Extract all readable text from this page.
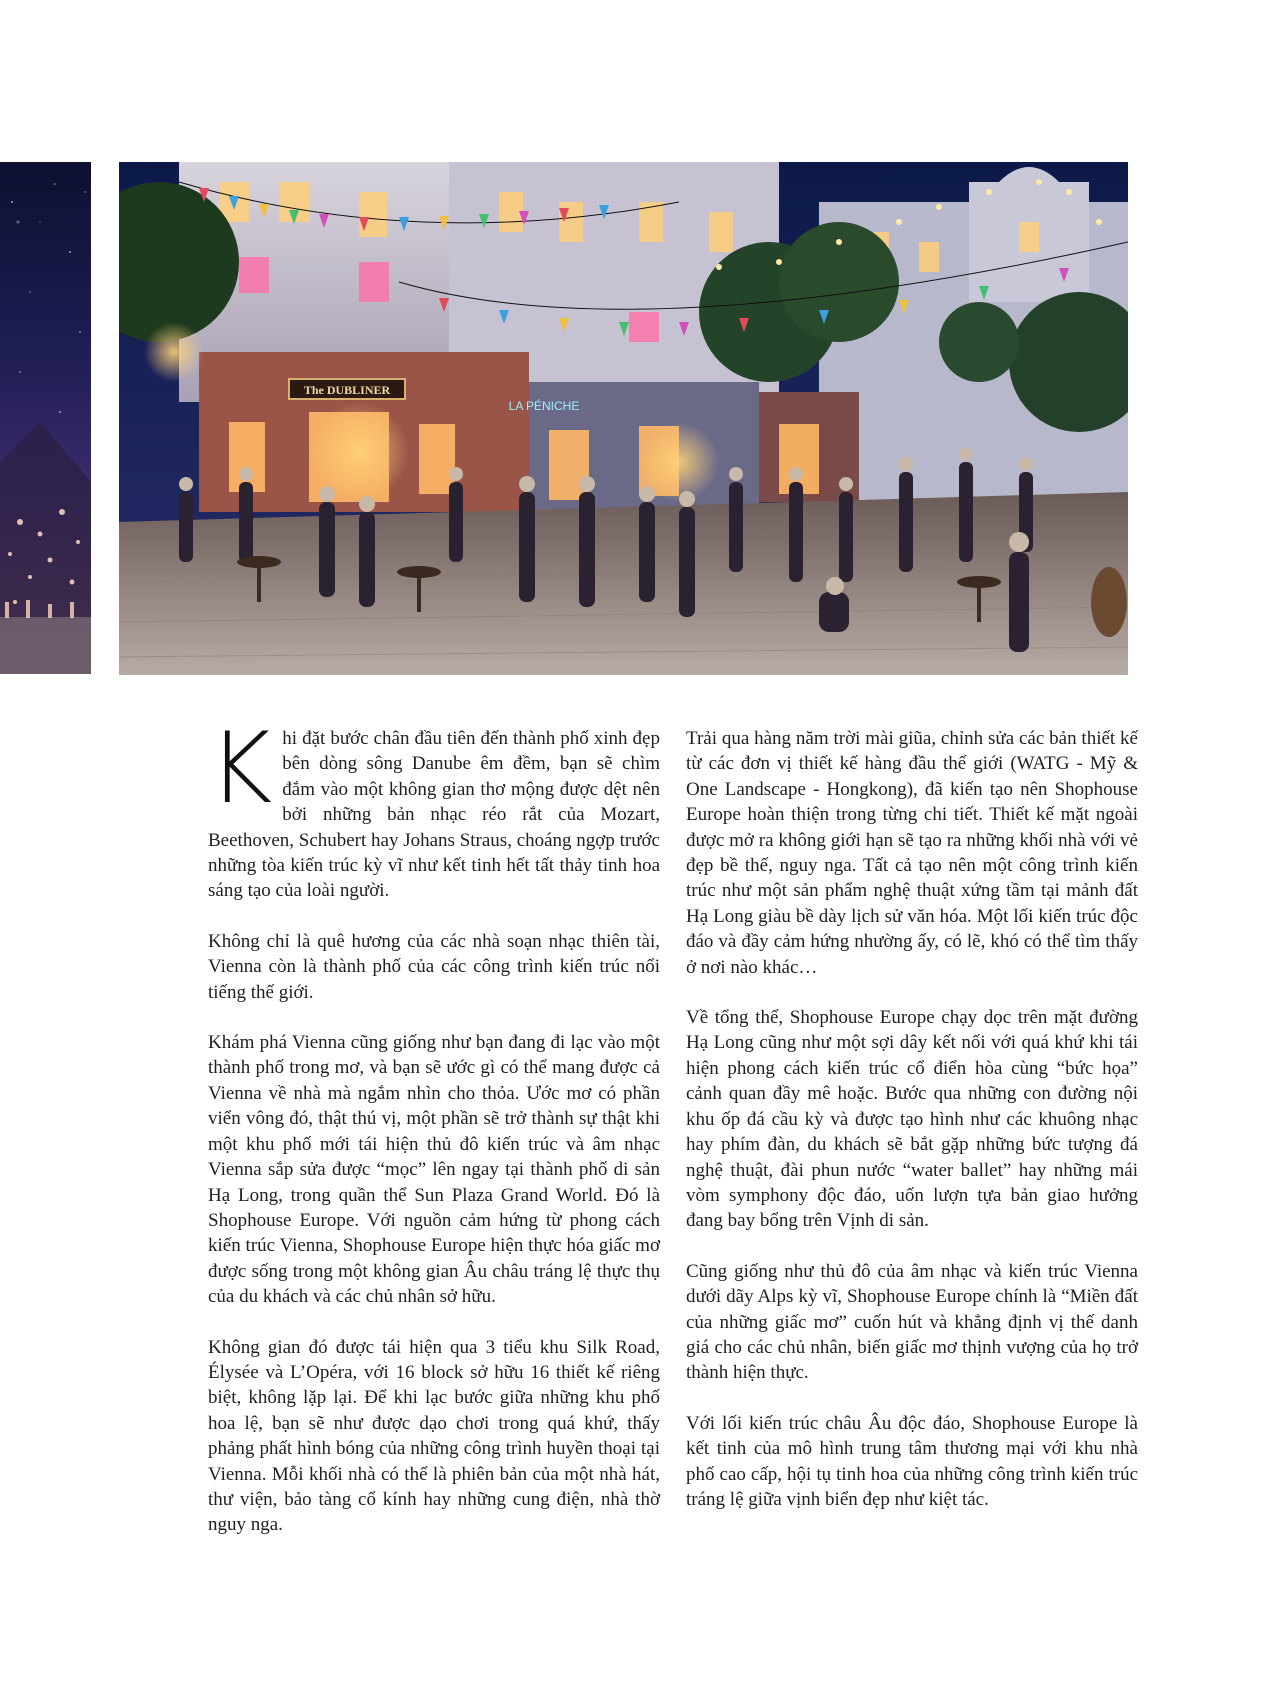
The DUBLINER
LA PÉNICHE

Khi đặt bước chân đầu tiên đến thành phố xinh đẹp bên dòng sông Danube êm đềm, bạn sẽ chìm đắm vào một không gian thơ mộng được dệt nên bởi những bản nhạc réo rắt của Mozart, Beethoven, Schubert hay Johans Straus, choáng ngợp trước những tòa kiến trúc kỳ vĩ như kết tinh hết tất thảy tinh hoa sáng tạo của loài người.

Không chỉ là quê hương của các nhà soạn nhạc thiên tài, Vienna còn là thành phố của các công trình kiến trúc nổi tiếng thế giới.

Khám phá Vienna cũng giống như bạn đang đi lạc vào một thành phố trong mơ, và bạn sẽ ước gì có thể mang được cả Vienna về nhà mà ngắm nhìn cho thỏa. Ước mơ có phần viển vông đó, thật thú vị, một phần sẽ trở thành sự thật khi một khu phố mới tái hiện thủ đô kiến trúc và âm nhạc Vienna sắp sửa được “mọc” lên ngay tại thành phố di sản Hạ Long, trong quần thể Sun Plaza Grand World. Đó là Shophouse Europe. Với nguồn cảm hứng từ phong cách kiến trúc Vienna, Shophouse Europe hiện thực hóa giấc mơ được sống trong một không gian Âu châu tráng lệ thực thụ của du khách và các chủ nhân sở hữu.

Không gian đó được tái hiện qua 3 tiểu khu Silk Road, Élysée và L’Opéra, với 16 block sở hữu 16 thiết kế riêng biệt, không lặp lại. Để khi lạc bước giữa những khu phố hoa lệ, bạn sẽ như được dạo chơi trong quá khứ, thấy phảng phất hình bóng của những công trình huyền thoại tại Vienna. Mỗi khối nhà có thể là phiên bản của một nhà hát, thư viện, bảo tàng cổ kính hay những cung điện, nhà thờ nguy nga.

Trải qua hàng năm trời mài giũa, chỉnh sửa các bản thiết kế từ các đơn vị thiết kế hàng đầu thế giới (WATG - Mỹ & One Landscape - Hongkong), đã kiến tạo nên Shophouse Europe hoàn thiện trong từng chi tiết. Thiết kế mặt ngoài được mở ra không giới hạn sẽ tạo ra những khối nhà với vẻ đẹp bề thế, nguy nga. Tất cả tạo nên một công trình kiến trúc như một sản phẩm nghệ thuật xứng tầm tại mảnh đất Hạ Long giàu bề dày lịch sử văn hóa. Một lối kiến trúc độc đáo và đầy cảm hứng nhường ấy, có lẽ, khó có thể tìm thấy ở nơi nào khác…

Về tổng thể, Shophouse Europe chạy dọc trên mặt đường Hạ Long cũng như một sợi dây kết nối với quá khứ khi tái hiện phong cách kiến trúc cổ điển hòa cùng “bức họa” cảnh quan đầy mê hoặc. Bước qua những con đường nội khu ốp đá cầu kỳ và được tạo hình như các khuông nhạc hay phím đàn, du khách sẽ bắt gặp những bức tượng đá nghệ thuật, đài phun nước “water ballet” hay những mái vòm symphony độc đáo, uốn lượn tựa bản giao hưởng đang bay bổng trên Vịnh di sản.

Cũng giống như thủ đô của âm nhạc và kiến trúc Vienna dưới dãy Alps kỳ vĩ, Shophouse Europe chính là “Miền đất của những giấc mơ” cuốn hút và khẳng định vị thế danh giá cho các chủ nhân, biến giấc mơ thịnh vượng của họ trở thành hiện thực.

Với lối kiến trúc châu Âu độc đáo, Shophouse Europe là kết tinh của mô hình trung tâm thương mại với khu nhà phố cao cấp, hội tụ tinh hoa của những công trình kiến trúc tráng lệ giữa vịnh biển đẹp như kiệt tác.
